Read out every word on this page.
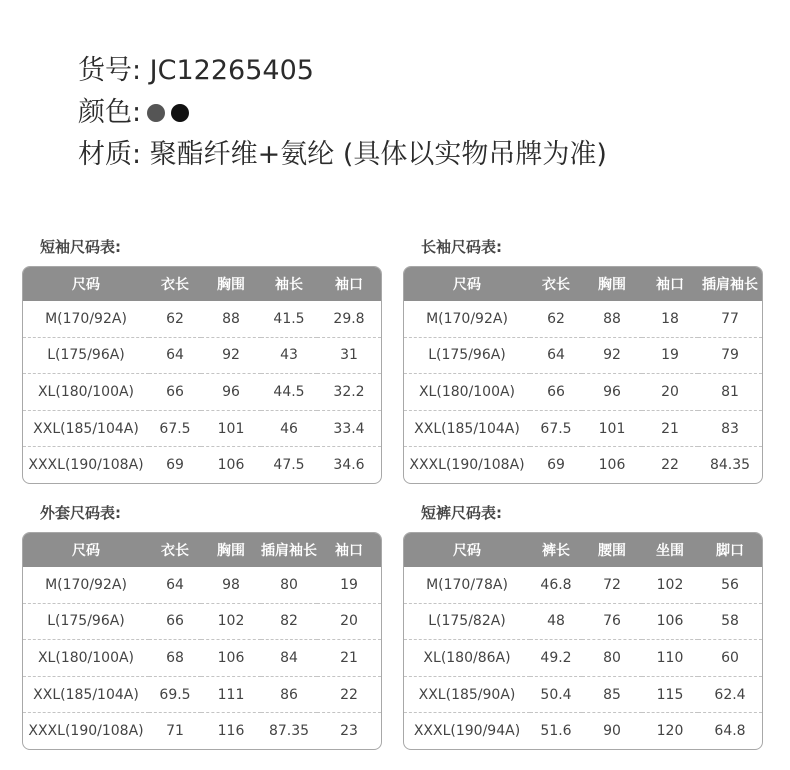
货号: JC12265405
颜色:
材质: 聚酯纤维+氨纶 (具体以实物吊牌为准)
短袖尺码表:
尺码	衣长	胸围	袖长	袖口
M(170/92A)	62	88	41.5	29.8
L(175/96A)	64	92	43	31
XL(180/100A)	66	96	44.5	32.2
XXL(185/104A)	67.5	101	46	33.4
XXXL(190/108A)	69	106	47.5	34.6
长袖尺码表:
尺码	衣长	胸围	袖口	插肩袖长
M(170/92A)	62	88	18	77
L(175/96A)	64	92	19	79
XL(180/100A)	66	96	20	81
XXL(185/104A)	67.5	101	21	83
XXXL(190/108A)	69	106	22	84.35
外套尺码表:
尺码	衣长	胸围	插肩袖长	袖口
M(170/92A)	64	98	80	19
L(175/96A)	66	102	82	20
XL(180/100A)	68	106	84	21
XXL(185/104A)	69.5	111	86	22
XXXL(190/108A)	71	116	87.35	23
短裤尺码表:
尺码	裤长	腰围	坐围	脚口
M(170/78A)	46.8	72	102	56
L(175/82A)	48	76	106	58
XL(180/86A)	49.2	80	110	60
XXL(185/90A)	50.4	85	115	62.4
XXXL(190/94A)	51.6	90	120	64.8
